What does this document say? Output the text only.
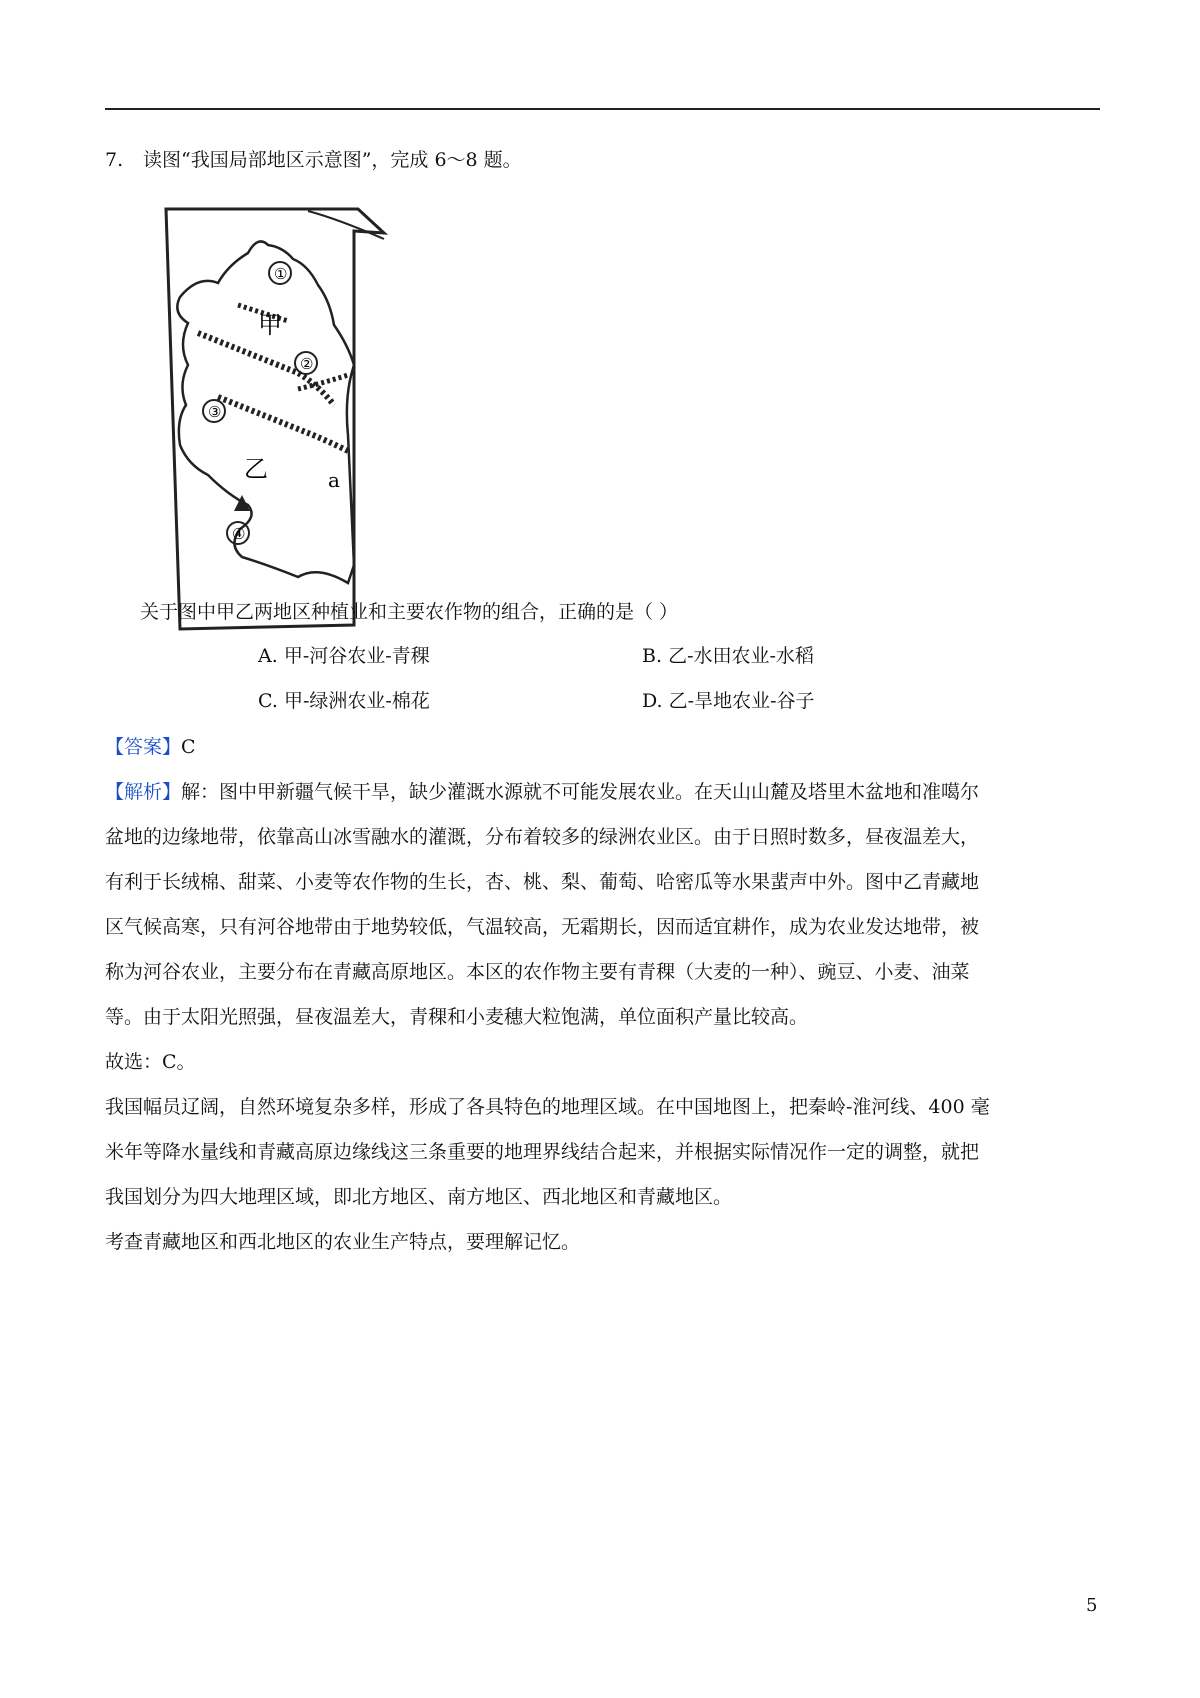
7. 读图“我国局部地区示意图”，完成 6～8 题。
①
甲
②
③
乙	a
④
关于图中甲乙两地区种植业和主要农作物的组合，正确的是（ ）
A. 甲-河谷农业-青稞	B. 乙-水田农业-水稻
C. 甲-绿洲农业-棉花	D. 乙-旱地农业-谷子
【答案】C
【解析】解：图中甲新疆气候干旱，缺少灌溉水源就不可能发展农业。在天山山麓及塔里木盆地和准噶尔
盆地的边缘地带，依靠高山冰雪融水的灌溉，分布着较多的绿洲农业区。由于日照时数多，昼夜温差大，
有利于长绒棉、甜菜、小麦等农作物的生长，杏、桃、梨、葡萄、哈密瓜等水果蜚声中外。图中乙青藏地
区气候高寒，只有河谷地带由于地势较低，气温较高，无霜期长，因而适宜耕作，成为农业发达地带，被
称为河谷农业，主要分布在青藏高原地区。本区的农作物主要有青稞（大麦的一种）、豌豆、小麦、油菜
等。由于太阳光照强，昼夜温差大，青稞和小麦穗大粒饱满，单位面积产量比较高。
故选：C。
我国幅员辽阔，自然环境复杂多样，形成了各具特色的地理区域。在中国地图上，把秦岭-淮河线、400 毫
米年等降水量线和青藏高原边缘线这三条重要的地理界线结合起来，并根据实际情况作一定的调整，就把
我国划分为四大地理区域，即北方地区、南方地区、西北地区和青藏地区。
考查青藏地区和西北地区的农业生产特点，要理解记忆。
5
